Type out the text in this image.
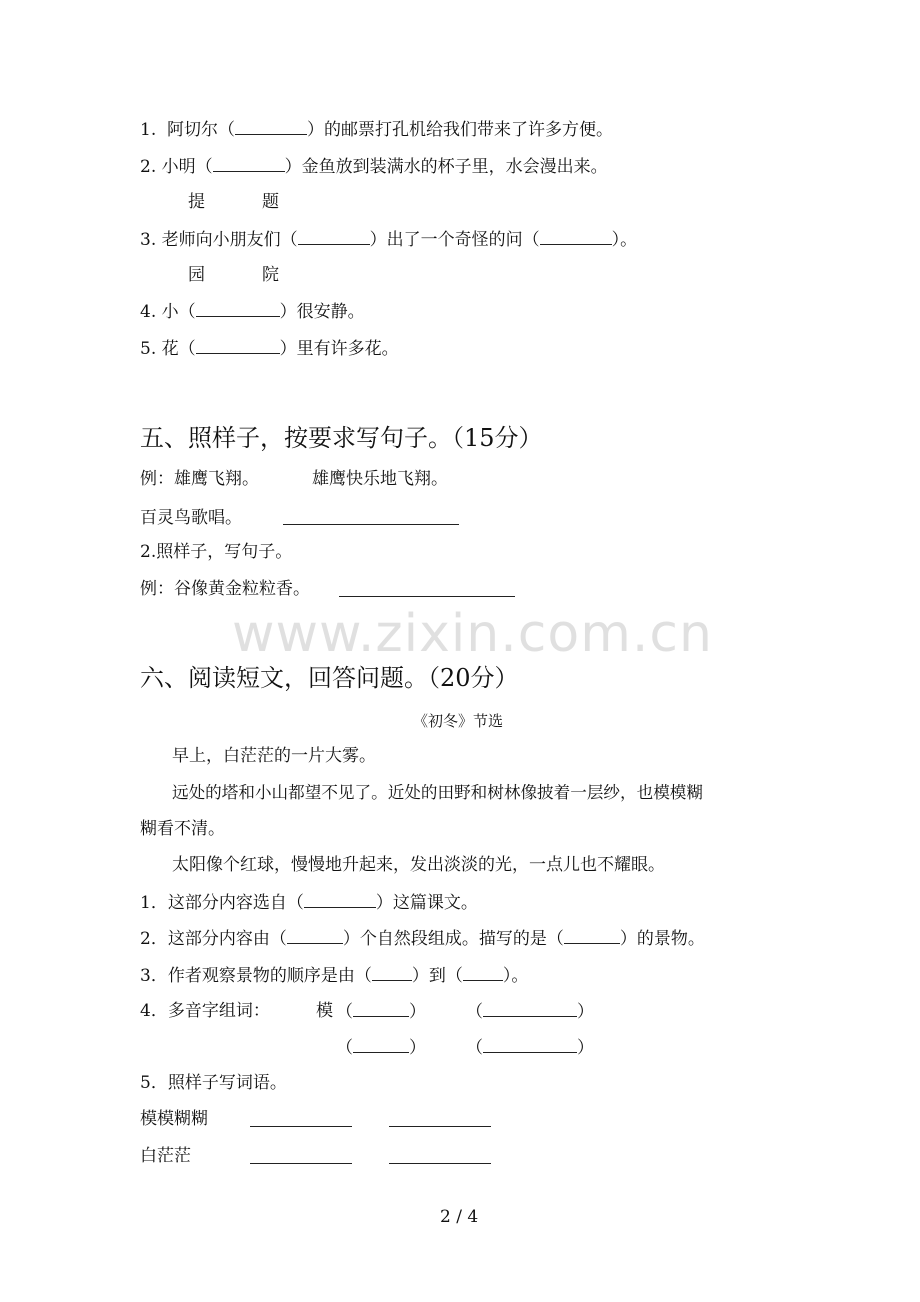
1.  阿切尔（	）的邮票打孔机给我们带来了许多方便。
2. 小明（	）金鱼放到装满水的杯子里，水会漫出来。
提	题
3. 老师向小朋友们（	）出了一个奇怪的问（	）。
园	院
4. 小（	）很安静。
5. 花（	）里有许多花。
五、照样子，按要求写句子。（15分）
例：雄鹰飞翔。	雄鹰快乐地飞翔。
百灵鸟歌唱。
2.照样子，写句子。
例：谷像黄金粒粒香。
www.zixin.com.cn
六、阅读短文，回答问题。（20分）
《初冬》节选
早上，白茫茫的一片大雾。
远处的塔和小山都望不见了。近处的田野和树林像披着一层纱，也模模糊
糊看不清。
太阳像个红球，慢慢地升起来，发出淡淡的光，一点儿也不耀眼。
1．这部分内容选自（	）这篇课文。
2．这部分内容由（	）个自然段组成。描写的是（	）的景物。
3．作者观察景物的顺序是由（ ）到（ ）。
4．多音字组词：	模 （	） （	）
（	） （	）
5．照样子写词语。
模模糊糊
白茫茫
2 / 4
